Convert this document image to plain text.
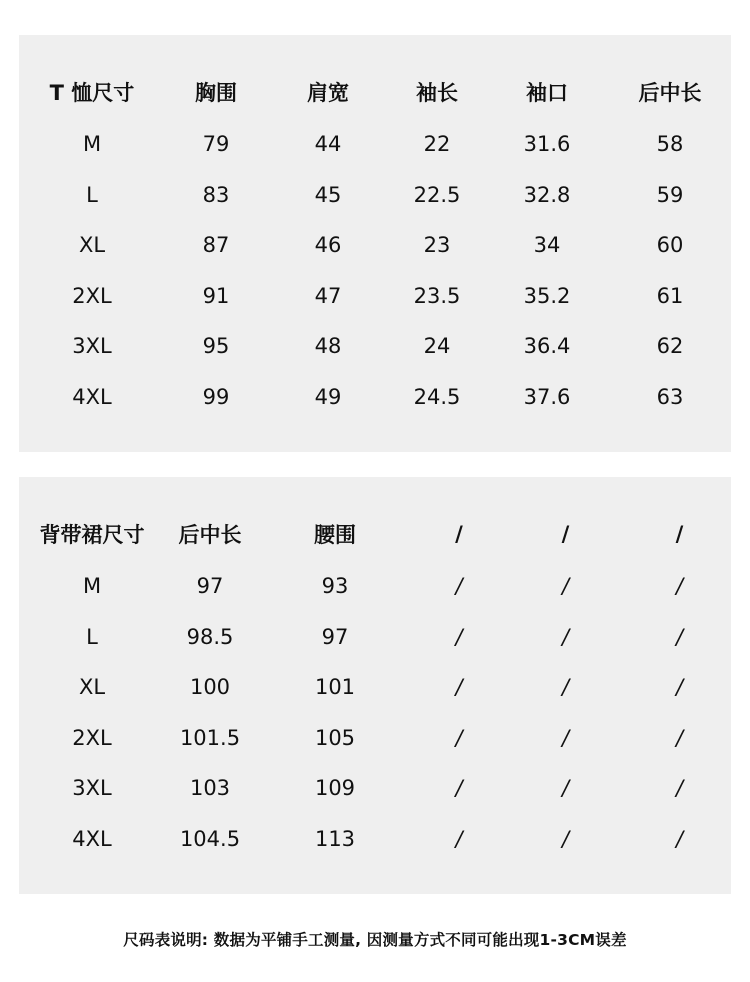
T 恤尺寸	胸围	肩宽	袖长	袖口	后中长
M	79	44	22	31.6	58
L	83	45	22.5	32.8	59
XL	87	46	23	34	60
2XL	91	47	23.5	35.2	61
3XL	95	48	24	36.4	62
4XL	99	49	24.5	37.6	63
背带裙尺寸	后中长	腰围	/	/	/
M	97	93	/	/	/
L	98.5	97	/	/	/
XL	100	101	/	/	/
2XL	101.5	105	/	/	/
3XL	103	109	/	/	/
4XL	104.5	113	/	/	/
尺码表说明: 数据为平铺手工测量, 因测量方式不同可能出现1-3CM误差
